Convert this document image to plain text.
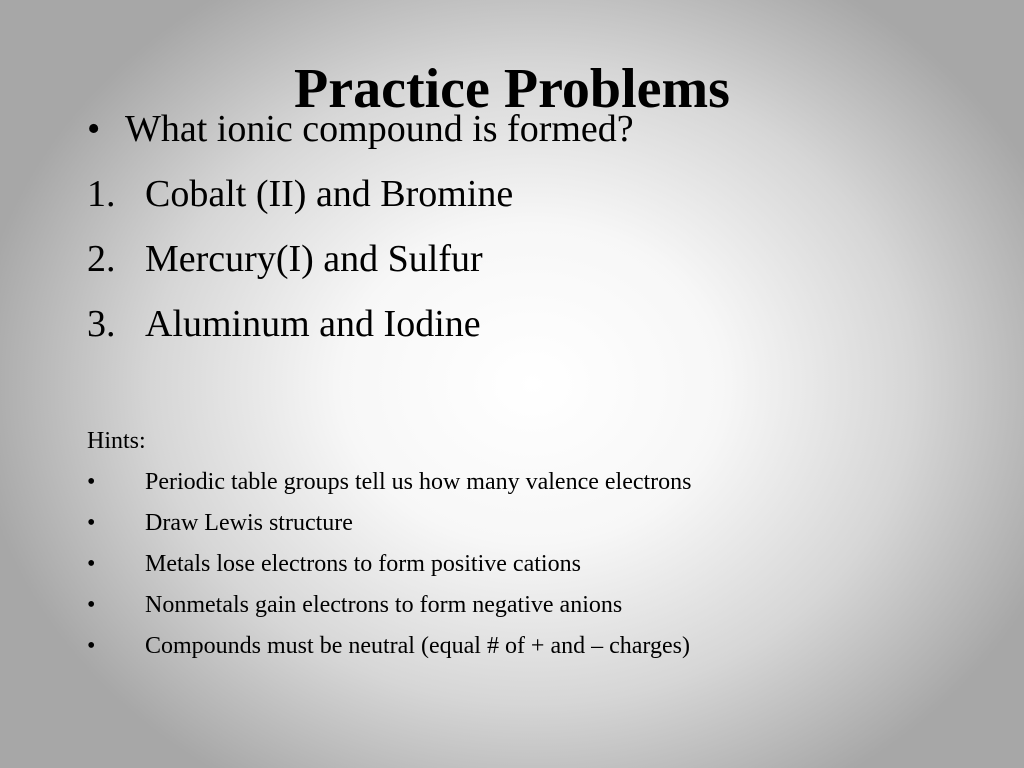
Practice Problems
• What ionic compound is formed?
1. Cobalt (II) and Bromine
2. Mercury(I) and Sulfur
3. Aluminum and Iodine
Hints:
• Periodic table groups tell us how many valence electrons
• Draw Lewis structure
• Metals lose electrons to form positive cations
• Nonmetals gain electrons to form negative anions
• Compounds must be neutral (equal # of + and – charges)
